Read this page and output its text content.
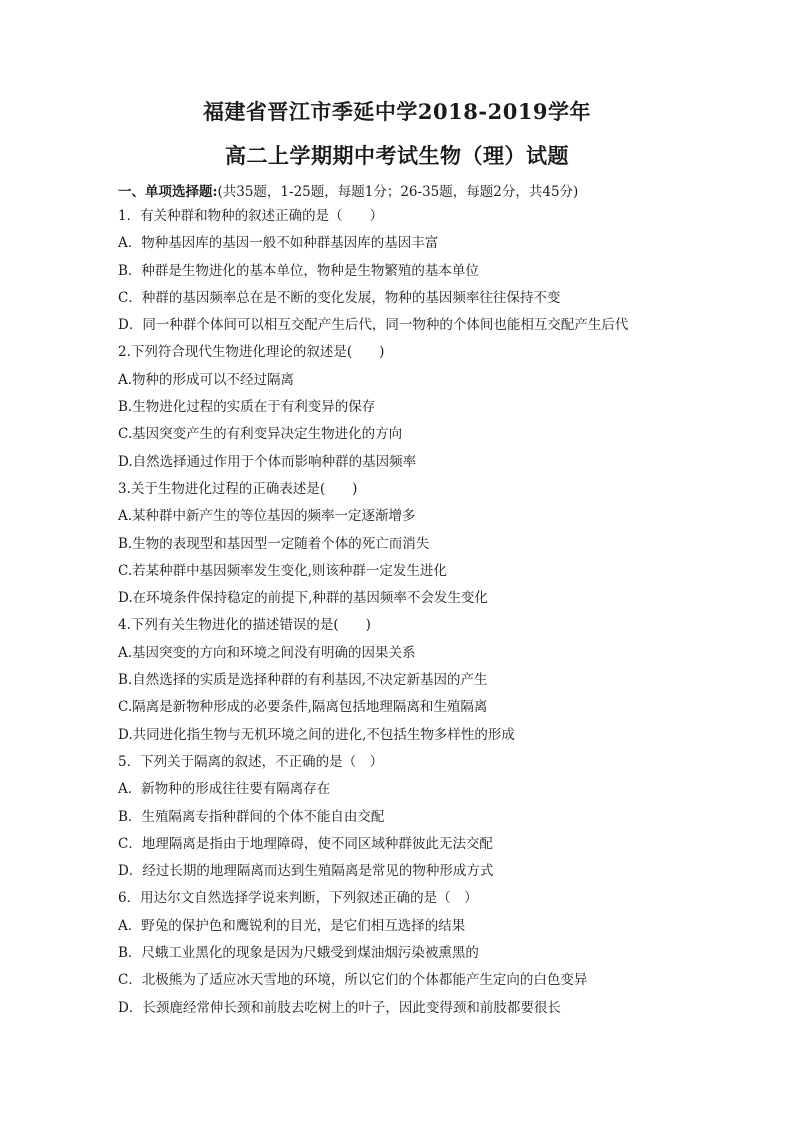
福建省晋江市季延中学2018-2019学年
高二上学期期中考试生物（理）试题
一、单项选择题:(共35题，1-25题，每题1分；26-35题，每题2分，共45分)
1．有关种群和物种的叙述正确的是（　　）
A．物种基因库的基因一般不如种群基因库的基因丰富
B．种群是生物进化的基本单位，物种是生物繁殖的基本单位
C．种群的基因频率总在是不断的变化发展，物种的基因频率往往保持不变
D．同一种群个体间可以相互交配产生后代，同一物种的个体间也能相互交配产生后代
2.下列符合现代生物进化理论的叙述是(　　)
A.物种的形成可以不经过隔离
B.生物进化过程的实质在于有利变异的保存
C.基因突变产生的有利变异决定生物进化的方向
D.自然选择通过作用于个体而影响种群的基因频率
3.关于生物进化过程的正确表述是(　　)
A.某种群中新产生的等位基因的频率一定逐渐增多
B.生物的表现型和基因型一定随着个体的死亡而消失
C.若某种群中基因频率发生变化,则该种群一定发生进化
D.在环境条件保持稳定的前提下,种群的基因频率不会发生变化
4.下列有关生物进化的描述错误的是(　　)
A.基因突变的方向和环境之间没有明确的因果关系
B.自然选择的实质是选择种群的有利基因,不决定新基因的产生
C.隔离是新物种形成的必要条件,隔离包括地理隔离和生殖隔离
D.共同进化指生物与无机环境之间的进化,不包括生物多样性的形成
5．下列关于隔离的叙述，不正确的是（　）
A．新物种的形成往往要有隔离存在
B．生殖隔离专指种群间的个体不能自由交配
C．地理隔离是指由于地理障碍，使不同区域种群彼此无法交配
D．经过长期的地理隔离而达到生殖隔离是常见的物种形成方式
6．用达尔文自然选择学说来判断，下列叙述正确的是（　）
A．野兔的保护色和鹰锐利的目光，是它们相互选择的结果
B．尺蛾工业黑化的现象是因为尺蛾受到煤油烟污染被熏黑的
C．北极熊为了适应冰天雪地的环境，所以它们的个体都能产生定向的白色变异
D．长颈鹿经常伸长颈和前肢去吃树上的叶子，因此变得颈和前肢都要很长
